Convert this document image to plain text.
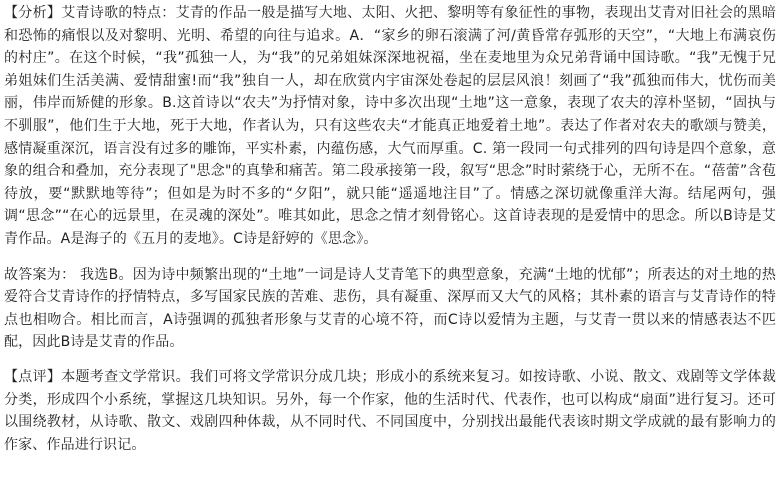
【分析】艾青诗歌的特点：艾青的作品一般是描写大地、太阳、火把、黎明等有象征性的事物，表现出艾青对旧社会的黑暗和恐怖的痛恨以及对黎明、光明、希望的向往与追求。A．“家乡的卵石滚满了河/黄昏常存弧形的天空”，“大地上布满哀伤的村庄”。在这个时候，“我”孤独一人，为“我”的兄弟姐妹深深地祝福，坐在麦地里为众兄弟背诵中国诗歌。“我”无愧于兄弟姐妹们生活美满、爱情甜蜜!而“我”独自一人，却在欣赏内宇宙深处卷起的层层风浪！刻画了“我”孤独而伟大，忧伤而美丽，伟岸而矫健的形象。B.这首诗以“农夫”为抒情对象，诗中多次出现“土地”这一意象，表现了农夫的淳朴坚韧，“固执与不驯服”，他们生于大地，死于大地，作者认为，只有这些农夫“才能真正地爱着土地”。表达了作者对农夫的歌颂与赞美，感情凝重深沉，语言没有过多的雕饰，平实朴素，内蕴伤感，大气而厚重。C. 第一段同一句式排列的四句诗是四个意象，意象的组合和叠加，充分表现了"思念"的真挚和痛苦。第二段承接第一段，叙写“思念”时时萦绕于心，无所不在。“蓓蕾”含苞待放，要“默默地等待”；但如是为时不多的“夕阳”，就只能“遥遥地注目”了。情感之深切就像重洋大海。结尾两句，强调“思念”“在心的远景里，在灵魂的深处”。唯其如此，思念之情才刻骨铭心。这首诗表现的是爱情中的思念。所以B诗是艾青作品。A是海子的《五月的麦地》。C诗是舒婷的《思念》。

故答案为： 我选B。因为诗中频繁出现的“土地”一词是诗人艾青笔下的典型意象，充满“土地的忧郁”；所表达的对土地的热爱符合艾青诗作的抒情特点，多写国家民族的苦难、悲伤，具有凝重、深厚而又大气的风格；其朴素的语言与艾青诗作的特点也相吻合。相比而言，A诗强调的孤独者形象与艾青的心境不符，而C诗以爱情为主题，与艾青一贯以来的情感表达不匹配，因此B诗是艾青的作品。

【点评】本题考查文学常识。我们可将文学常识分成几块；形成小的系统来复习。如按诗歌、小说、散文、戏剧等文学体裁分类，形成四个小系统，掌握这几块知识。另外，每一个作家，他的生活时代、代表作，也可以构成“扇面”进行复习。还可以围绕教材，从诗歌、散文、戏剧四种体裁，从不同时代、不同国度中，分别找出最能代表该时期文学成就的最有影响力的作家、作品进行识记。
